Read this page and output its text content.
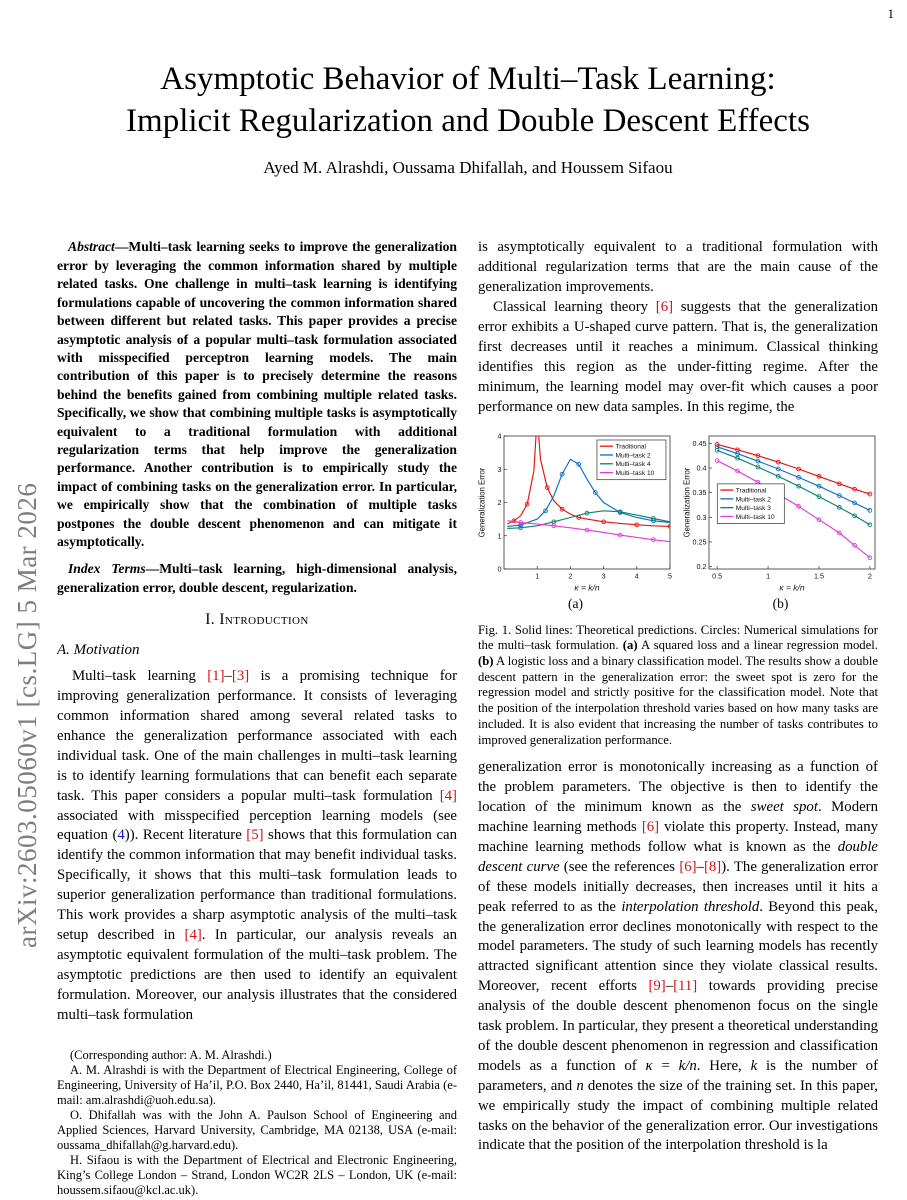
1
arXiv:2603.05060v1 [cs.LG] 5 Mar 2026
Asymptotic Behavior of Multi–Task Learning:
Implicit Regularization and Double Descent Effects
Ayed M. Alrashdi, Oussama Dhifallah, and Houssem Sifaou

Abstract—Multi–task learning seeks to improve the generalization error by leveraging the common information shared by multiple related tasks. One challenge in multi–task learning is identifying formulations capable of uncovering the common information shared between different but related tasks. This paper provides a precise asymptotic analysis of a popular multi–task formulation associated with misspecified perceptron learning models. The main contribution of this paper is to precisely determine the reasons behind the benefits gained from combining multiple related tasks. Specifically, we show that combining multiple tasks is asymptotically equivalent to a traditional formulation with additional regularization terms that help improve the generalization performance. Another contribution is to empirically study the impact of combining tasks on the generalization error. In particular, we empirically show that the combination of multiple tasks postpones the double descent phenomenon and can mitigate it asymptotically.

Index Terms—Multi–task learning, high-dimensional analysis, generalization error, double descent, regularization.

I. Introduction
A. Motivation

Multi–task learning [1]–[3] is a promising technique for improving generalization performance. It consists of leveraging common information shared among several related tasks to enhance the generalization performance associated with each individual task. One of the main challenges in multi–task learning is to identify learning formulations that can benefit each separate task. This paper considers a popular multi–task formulation [4] associated with misspecified perception learning models (see equation (4)). Recent literature [5] shows that this formulation can identify the common information that may benefit individual tasks. Specifically, it shows that this multi–task formulation leads to superior generalization performance than traditional formulations. This work provides a sharp asymptotic analysis of the multi–task setup described in [4]. In particular, our analysis reveals an asymptotic equivalent formulation of the multi–task problem. The asymptotic predictions are then used to identify an equivalent formulation. Moreover, our analysis illustrates that the considered multi–task formulation

(Corresponding author: A. M. Alrashdi.)

A. M. Alrashdi is with the Department of Electrical Engineering, College of Engineering, University of Ha’il, P.O. Box 2440, Ha’il, 81441, Saudi Arabia (e-mail: am.alrashdi@uoh.edu.sa).

O. Dhifallah was with the John A. Paulson School of Engineering and Applied Sciences, Harvard University, Cambridge, MA 02138, USA (e-mail: oussama_dhifallah@g.harvard.edu).

H. Sifaou is with the Department of Electrical and Electronic Engineering, King’s College London – Strand, London WC2R 2LS – London, UK (e-mail: houssem.sifaou@kcl.ac.uk).

is asymptotically equivalent to a traditional formulation with additional regularization terms that are the main cause of the generalization improvements.

Classical learning theory [6] suggests that the generalization error exhibits a U-shaped curve pattern. That is, the generalization first decreases until it reaches a minimum. Classical thinking identifies this region as the under-fitting regime. After the minimum, the learning model may over-fit which causes a poor performance on new data samples. In this regime, the

1	2	3	4	5
0
1
2
3
4
κ = k/n
Generalization Error
Traditional
Multi–task 2
Multi–task 4
Multi–task 10
(a)
0.5	1	1.5	2
0.2
0.25
0.3
0.35
0.4
0.45
κ = k/n
Generalization Error	Traditional
Multi–task 2
Multi–task 3
Multi–task 10
(b)
Fig. 1. Solid lines: Theoretical predictions. Circles: Numerical simulations for the multi–task formulation. (a) A squared loss and a linear regression model. (b) A logistic loss and a binary classification model. The results show a double descent pattern in the generalization error: the sweet spot is zero for the regression model and strictly positive for the classification model. Note that the position of the interpolation threshold varies based on how many tasks are included. It is also evident that increasing the number of tasks contributes to improved generalization performance.

generalization error is monotonically increasing as a function of the problem parameters. The objective is then to identify the location of the minimum known as the sweet spot. Modern machine learning methods [6] violate this property. Instead, many machine learning methods follow what is known as the double descent curve (see the references [6]–[8]). The generalization error of these models initially decreases, then increases until it hits a peak referred to as the interpolation threshold. Beyond this peak, the generalization error declines monotonically with respect to the model parameters. The study of such learning models has recently attracted significant attention since they violate classical results. Moreover, recent efforts [9]–[11] towards providing precise analysis of the double descent phenomenon focus on the single task problem. In particular, they present a theoretical understanding of the double descent phenomenon in regression and classification models as a function of κ = k/n. Here, k is the number of parameters, and n denotes the size of the training set. In this paper, we empirically study the impact of combining multiple related tasks on the behavior of the generalization error. Our investigations indicate that the position of the interpolation threshold is la
